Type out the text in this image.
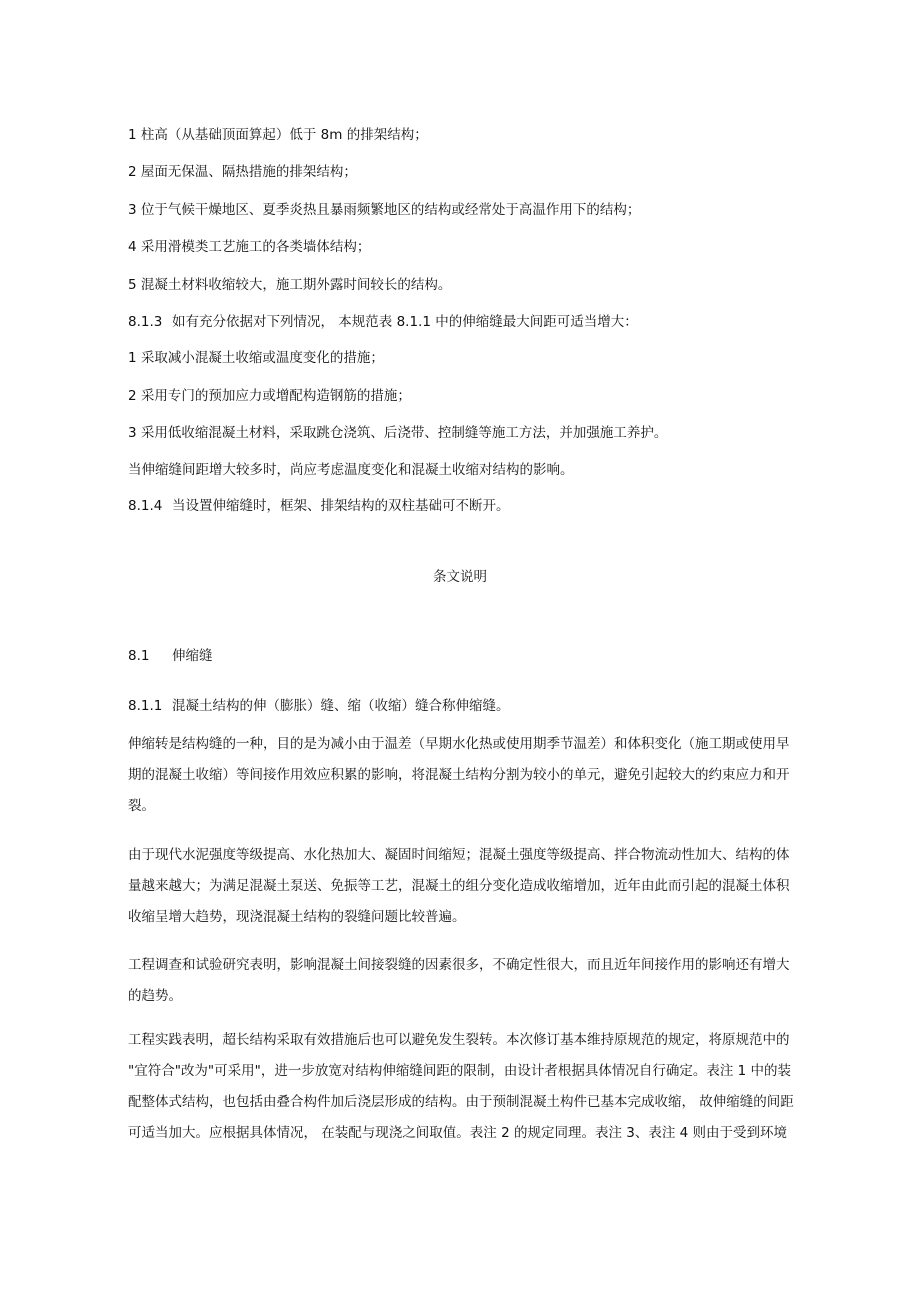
1 柱高（从基础顶面算起）低于 8m 的排架结构；
2 屋面无保温、隔热措施的排架结构；
3 位于气候干燥地区、夏季炎热且暴雨频繁地区的结构或经常处于高温作用下的结构；
4 采用滑模类工艺施工的各类墙体结构；
5 混凝土材料收缩较大，施工期外露时间较长的结构。
8.1.3 如有充分依据对下列情况， 本规范表 8.1.1 中的伸缩缝最大间距可适当增大：
1 采取减小混凝土收缩或温度变化的措施；
2 采用专门的预加应力或增配构造钢筋的措施；
3 采用低收缩混凝土材料，采取跳仓浇筑、后浇带、控制缝等施工方法，并加强施工养护。
当伸缩缝间距增大较多时，尚应考虑温度变化和混凝土收缩对结构的影响。
8.1.4 当设置伸缩缝时，框架、排架结构的双柱基础可不断开。
条文说明
8.1 伸缩缝
8.1.1 混凝土结构的伸（膨胀）缝、缩（收缩）缝合称伸缩缝。
伸缩转是结构缝的一种，目的是为减小由于温差（早期水化热或使用期季节温差）和体积变化（施工期或使用早
期的混凝土收缩）等间接作用效应积累的影响，将混凝土结构分割为较小的单元，避免引起较大的约束应力和开
裂。
由于现代水泥强度等级提高、水化热加大、凝固时间缩短；混凝土强度等级提高、拌合物流动性加大、结构的体
量越来越大；为满足混凝土泵送、免振等工艺，混凝土的组分变化造成收缩增加，近年由此而引起的混凝土体积
收缩呈增大趋势，现浇混凝土结构的裂缝问题比较普遍。
工程调查和试验研究表明，影响混凝土间接裂缝的因素很多，不确定性很大，而且近年间接作用的影响还有增大
的趋势。
工程实践表明，超长结构采取有效措施后也可以避免发生裂转。本次修订基本维持原规范的规定，将原规范中的
"宜符合"改为"可采用"，进一步放宽对结构伸缩缝间距的限制，由设计者根据具体情况自行确定。表注 1 中的装
配整体式结构，也包括由叠合构件加后浇层形成的结构。由于预制混凝土构件已基本完成收缩， 故伸缩缝的间距
可适当加大。应根据具体情况， 在装配与现浇之间取值。表注 2 的规定同理。表注 3、表注 4 则由于受到环境
